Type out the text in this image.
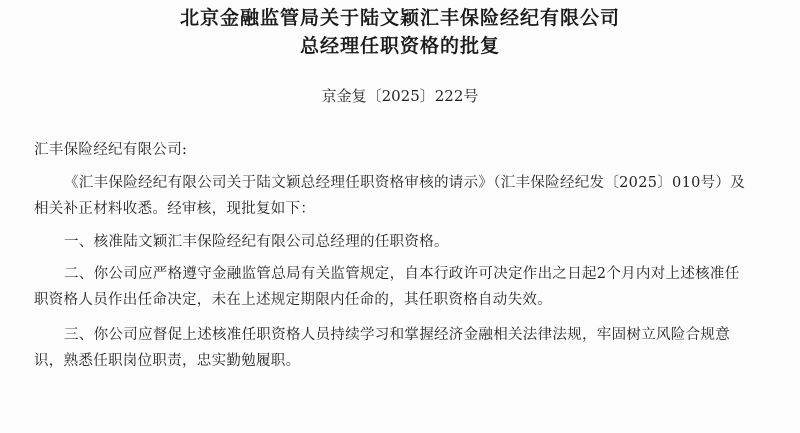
北京金融监管局关于陆文颖汇丰保险经纪有限公司
总经理任职资格的批复
京金复〔2025〕222号
汇丰保险经纪有限公司:
《汇丰保险经纪有限公司关于陆文颖总经理任职资格审核的请示》（汇丰保险经纪发〔2025〕010号）及
相关补正材料收悉。经审核，现批复如下：
一、核准陆文颖汇丰保险经纪有限公司总经理的任职资格。
二、你公司应严格遵守金融监管总局有关监管规定，自本行政许可决定作出之日起2个月内对上述核准任
职资格人员作出任命决定，未在上述规定期限内任命的，其任职资格自动失效。
三、你公司应督促上述核准任职资格人员持续学习和掌握经济金融相关法律法规，牢固树立风险合规意
识，熟悉任职岗位职责，忠实勤勉履职。
